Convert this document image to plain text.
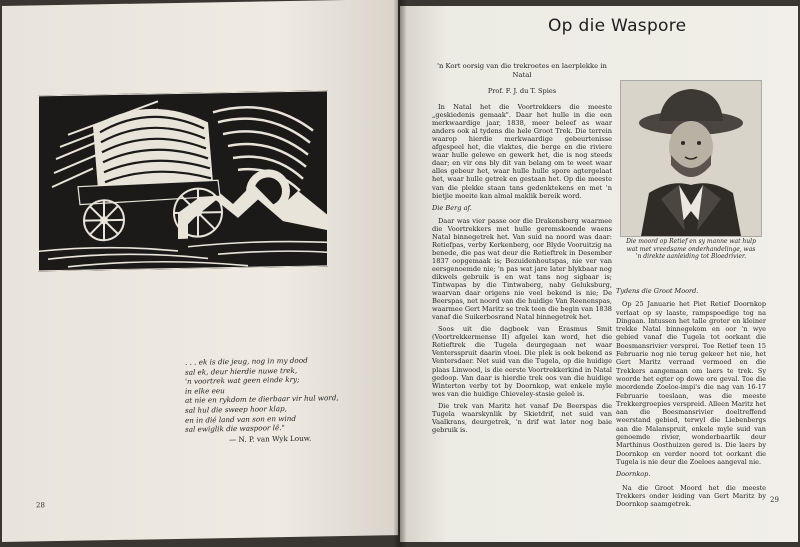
. . . ek is die jeug, nog in my dood
sal ek, deur hierdie nuwe trek,
'n voortrek wat geen einde kry;
in elke eeu
at nie en rykdom te dierbaar vir hul word,
sal hul die sweep hoor klap,
en in dié land van son en wind
sal ewiglik die waspoor lê."
— N. P. van Wyk Louw.
28
Op die Waspore
'n Kort oorsig van die trekroetes en laerplekke in Natal
Prof. F. J. du T. Spies

In Natal het die Voortrekkers die meeste „geskiedenis gemaak". Daar het hulle in die een merkwaardige jaar, 1838, meer beleef as waar anders ook al tydens die hele Groot Trek. Die terrein waarop hierdie merkwaardige gebeurtenisse afgespeel het, die vlaktes, die berge en die riviere waar hulle gelewe en gewerk het, die is nog steeds daar; en vir ons bly dit van belang om te weet waar alles gebeur het, waar hulle hulle spore agtergelaat het, waar hulle getrek en gestaan het. Op die meeste van die plekke staan tans gedenktekens en met 'n bietjie moeite kan almal maklik bereik word.

Die Berg af.

Daar was vier passe oor die Drakensberg waarmee die Voortrekkers met hulle geremskoende waens Natal binnegetrek het. Van suid na noord was daar: Retiefpas, verby Kerkenberg, oor Blyde Vooruitzig na benede, die pas wat deur die Retieftrek in Desember 1837 oopgemaak is; Bezuidenhoutspas, nie ver van eersgenoemde nie; 'n pas wat jare later blykbaar nog dikwels gebruik is en wat tans nog sigbaar is; Tintwapas by die Tintwaberg, naby Geluksburg, waarvan daar origens nie veel bekend is nie; De Beerspas, net noord van die huidige Van Reenenspas, waarmee Gert Maritz se trek teen die begin van 1838 vanaf die Suikerbosrand Natal binnegetrek het.

Soos uit die dagboek van Erasmus Smit (Voortrekkermense II) afgelei kan word, het die Retieftrek die Tugela deurgegaan net waar Ventersspruit daarin vloei. Die plek is ook bekend as Ventersdaer. Net suid van die Tugela, op die huidige plaas Linwood, is die eerste Voortrekkerkind in Natal gedoop. Van daar is hierdie trek oos van die huidige Winterton verby tot by Doornkop, wat enkele myle wes van die huidige Chieveley-stasie geleë is.

Die trek van Maritz het vanaf De Beerspas die Tugela waarskynlik by Skietdrif, net suid van Vaalkrans, deurgetrek, 'n drif wat later nog baie gebruik is.

Die moord op Retief en sy manne wat hulp wat met vreedsame onderhandelinge, was 'n direkte aanleiding tot Bloedrivier.
Tydens die Groot Moord.

Op 25 Januarie het Piet Retief Doornkop verlaat op sy laaste, rampspoedige tog na Dingaan. Intussen het talle groter en kleiner trekke Natal binnegekom en oor 'n wye gebied vanaf die Tugela tot oorkant die Boesmansrivier versprei. Toe Retief teen 15 Februarie nog nie terug gekeer het nie, het Gert Maritz verraad vermoed en die Trekkers aangemaan om laers te trek. Sy woorde het egter op dowe ore geval. Toe die moordende Zoeloe-impi's die nag van 16-17 Februarie toeslaan, was die meeste Trekkergroepies verspreid. Alleen Maritz het aan die Boesmansrivier doeltreffend weerstand gebied, terwyl die Liebenbergs aan die Malanspruit, enkele myle suid van genoemde rivier, wonderbaarlik deur Marthinus Oosthuizen gered is. Die laers by Doornkop en verder noord tot oorkant die Tugela is nie deur die Zoeloes aangeval nie.

Doornkop.

Na die Groot Moord het die meeste Trekkers onder leiding van Gert Maritz by Doornkop saamgetrek.

29
